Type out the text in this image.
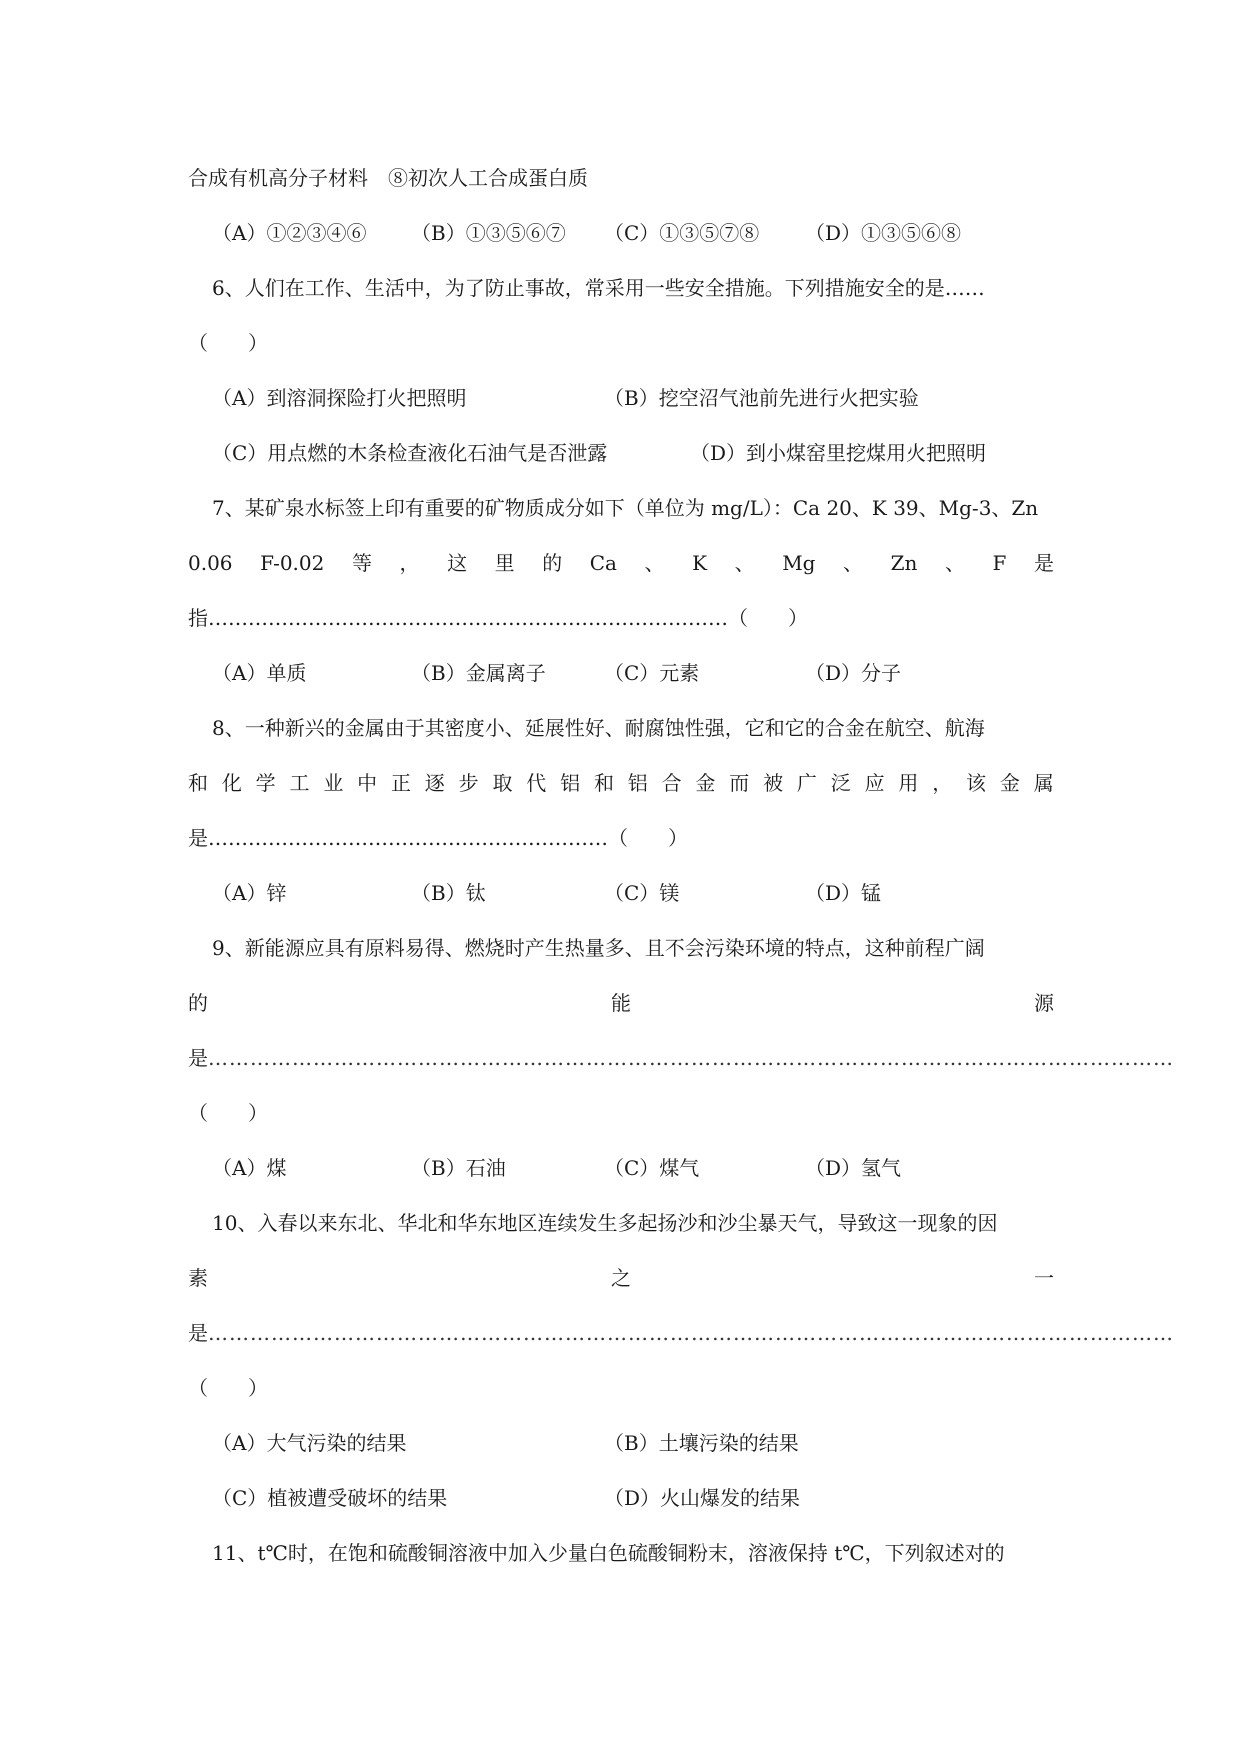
合成有机高分子材料　⑧初次人工合成蛋白质
（A）①②③④⑥ （B）①③⑤⑥⑦ （C）①③⑤⑦⑧ （D）①③⑤⑥⑧
6、人们在工作、生活中，为了防止事故，常采用一些安全措施。下列措施安全的是……
（　　）
（A）到溶洞探险打火把照明	（B）挖空沼气池前先进行火把实验
（C）用点燃的木条检查液化石油气是否泄露	（D）到小煤窑里挖煤用火把照明
7、某矿泉水标签上印有重要的矿物质成分如下（单位为 mg/L）：Ca 20、K 39、Mg-3、Zn
0.06 F-0.02 等 ， 这 里 的 Ca 、 K 、 Mg 、 Zn 、 F 是
指……………………………………………………………………（　　）
（A）单质	（B）金属离子	（C）元素	（D）分子
8、一种新兴的金属由于其密度小、延展性好、耐腐蚀性强，它和它的合金在航空、航海
和 化 学 工 业 中 正 逐 步 取 代 铝 和 铝 合 金 而 被 广 泛 应 用 ， 该 金 属
是……………………………………………………（　　）
（A）锌	（B）钛	（C）镁	（D）锰
9、新能源应具有原料易得、燃烧时产生热量多、且不会污染环境的特点，这种前程广阔
的	能	源
是 …………………………………………………………………………………………………………………………
（　　）
（A）煤	（B）石油	（C）煤气	（D）氢气
10、入春以来东北、华北和华东地区连续发生多起扬沙和沙尘暴天气，导致这一现象的因
素	之	一
是 …………………………………………………………………………………………………………………………
（　　）
（A）大气污染的结果	（B）土壤污染的结果
（C）植被遭受破坏的结果	（D）火山爆发的结果
11、t℃时，在饱和硫酸铜溶液中加入少量白色硫酸铜粉末，溶液保持 t℃，下列叙述对的
